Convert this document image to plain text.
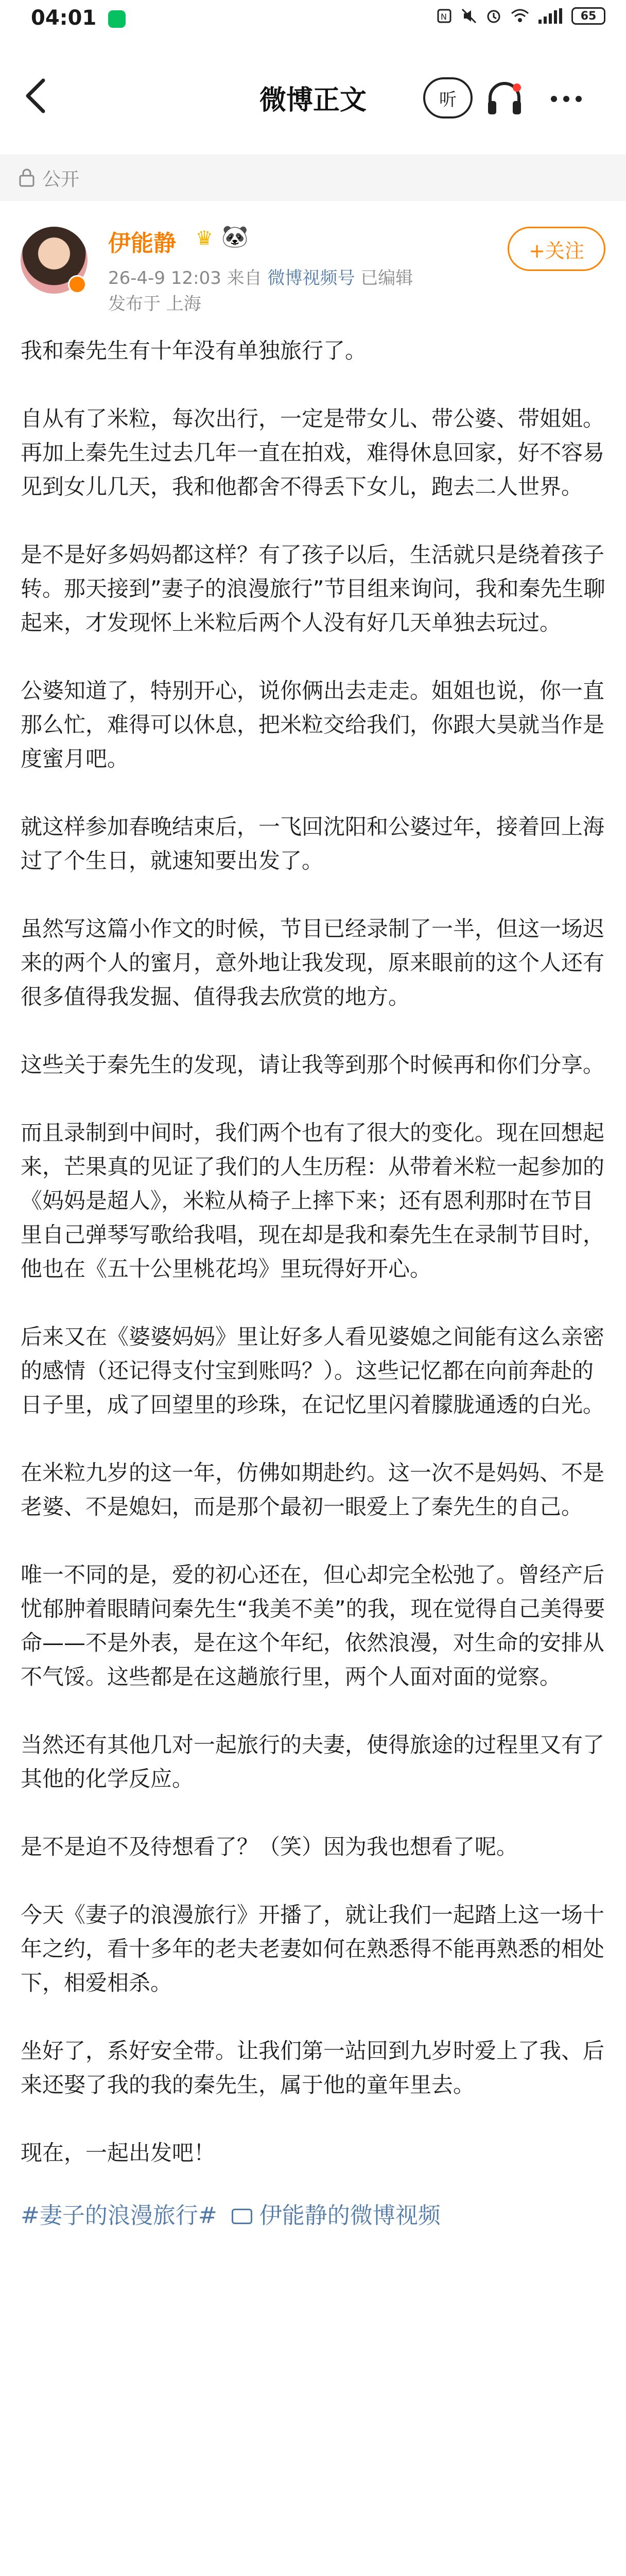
04:01	N	65
微博正文	听
公开
伊能静 ♛ 🐼
26-4-9 12:03 来自 微博视频号 已编辑
发布于 上海
+关注

我和秦先生有十年没有单独旅行了。

自从有了米粒，每次出行，一定是带女儿、带公婆、带姐姐。再加上秦先生过去几年一直在拍戏，难得休息回家，好不容易见到女儿几天，我和他都舍不得丢下女儿，跑去二人世界。

是不是好多妈妈都这样？有了孩子以后，生活就只是绕着孩子转。那天接到”妻子的浪漫旅行”节目组来询问，我和秦先生聊起来，才发现怀上米粒后两个人没有好几天单独去玩过。

公婆知道了，特别开心，说你俩出去走走。姐姐也说，你一直那么忙，难得可以休息，把米粒交给我们，你跟大昊就当作是度蜜月吧。

就这样参加春晚结束后，一飞回沈阳和公婆过年，接着回上海过了个生日，就速知要出发了。

虽然写这篇小作文的时候，节目已经录制了一半，但这一场迟来的两个人的蜜月，意外地让我发现，原来眼前的这个人还有很多值得我发掘、值得我去欣赏的地方。

这些关于秦先生的发现，请让我等到那个时候再和你们分享。

而且录制到中间时，我们两个也有了很大的变化。现在回想起来，芒果真的见证了我们的人生历程：从带着米粒一起参加的《妈妈是超人》，米粒从椅子上摔下来；还有恩利那时在节目里自己弹琴写歌给我唱，现在却是我和秦先生在录制节目时，他也在《五十公里桃花坞》里玩得好开心。

后来又在《婆婆妈妈》里让好多人看见婆媳之间能有这么亲密的感情（还记得支付宝到账吗？）。这些记忆都在向前奔赴的日子里，成了回望里的珍珠，在记忆里闪着朦胧通透的白光。

在米粒九岁的这一年，仿佛如期赴约。这一次不是妈妈、不是老婆、不是媳妇，而是那个最初一眼爱上了秦先生的自己。

唯一不同的是，爱的初心还在，但心却完全松弛了。曾经产后忧郁肿着眼睛问秦先生“我美不美”的我，现在觉得自己美得要命——不是外表，是在这个年纪，依然浪漫，对生命的安排从不气馁。这些都是在这趟旅行里，两个人面对面的觉察。

当然还有其他几对一起旅行的夫妻，使得旅途的过程里又有了其他的化学反应。

是不是迫不及待想看了？（笑）因为我也想看了呢。

今天《妻子的浪漫旅行》开播了，就让我们一起踏上这一场十年之约，看十多年的老夫老妻如何在熟悉得不能再熟悉的相处下，相爱相杀。

坐好了，系好安全带。让我们第一站回到九岁时爱上了我、后来还娶了我的我的秦先生，属于他的童年里去。

现在，一起出发吧！

#妻子的浪漫旅行# 伊能静的微博视频
